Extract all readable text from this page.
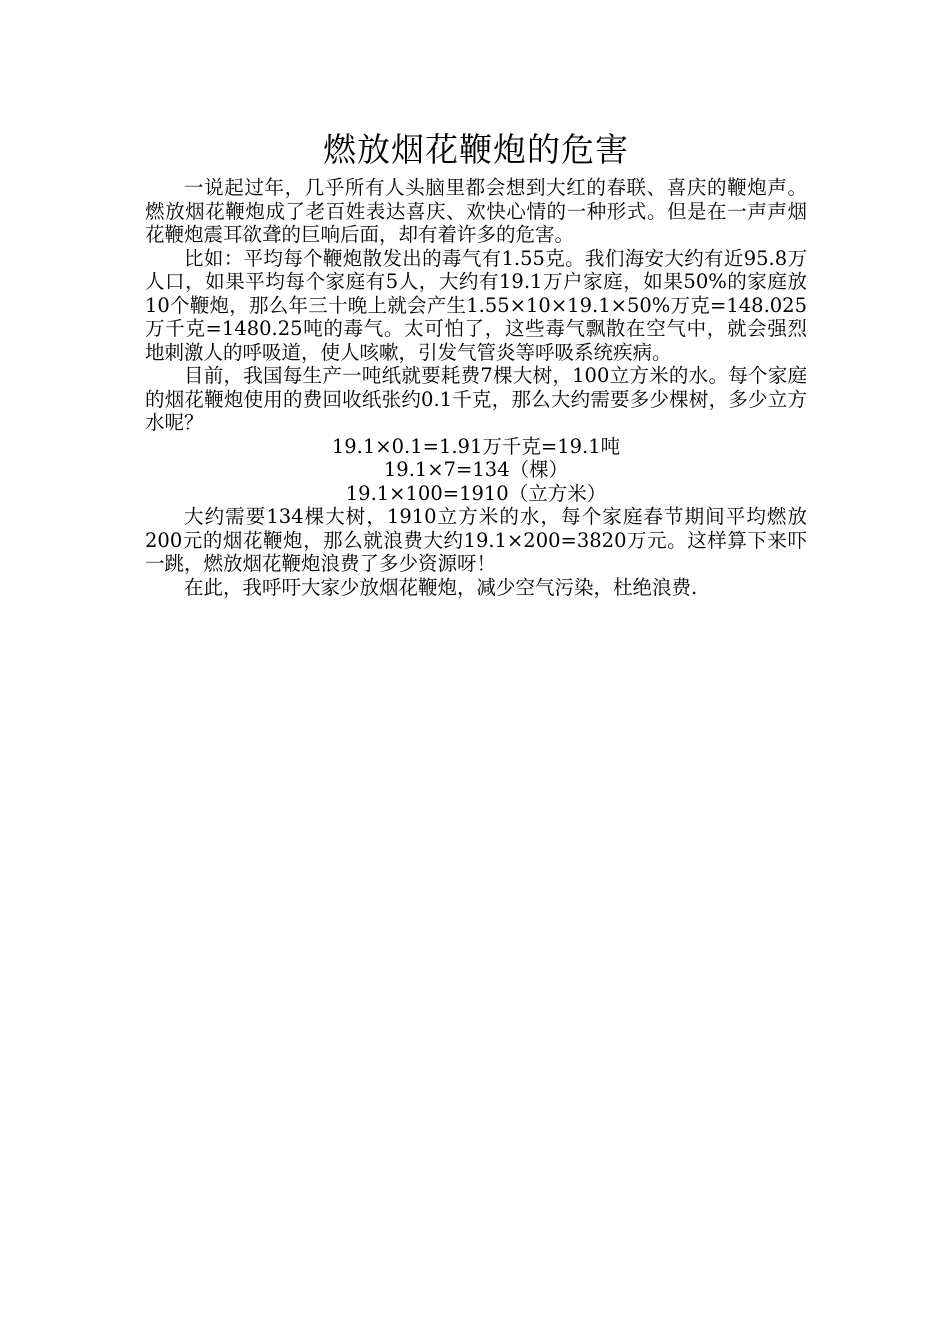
燃放烟花鞭炮的危害

一说起过年，几乎所有人头脑里都会想到大红的春联、喜庆的鞭炮声。燃放烟花鞭炮成了老百姓表达喜庆、欢快心情的一种形式。但是在一声声烟花鞭炮震耳欲聋的巨响后面，却有着许多的危害。

比如：平均每个鞭炮散发出的毒气有1.55克。我们海安大约有近95.8万人口，如果平均每个家庭有5人，大约有19.1万户家庭，如果50%的家庭放10个鞭炮，那么年三十晚上就会产生1.55×10×19.1×50%万克=148.025万千克=1480.25吨的毒气。太可怕了，这些毒气飘散在空气中，就会强烈地刺激人的呼吸道，使人咳嗽，引发气管炎等呼吸系统疾病。

目前，我国每生产一吨纸就要耗费7棵大树，100立方米的水。每个家庭的烟花鞭炮使用的费回收纸张约0.1千克，那么大约需要多少棵树，多少立方水呢？

19.1×0.1=1.91万千克=19.1吨

19.1×7=134（棵）

19.1×100=1910（立方米）

大约需要134棵大树，1910立方米的水，每个家庭春节期间平均燃放200元的烟花鞭炮，那么就浪费大约19.1×200=3820万元。这样算下来吓一跳，燃放烟花鞭炮浪费了多少资源呀！

在此，我呼吁大家少放烟花鞭炮，减少空气污染，杜绝浪费.
